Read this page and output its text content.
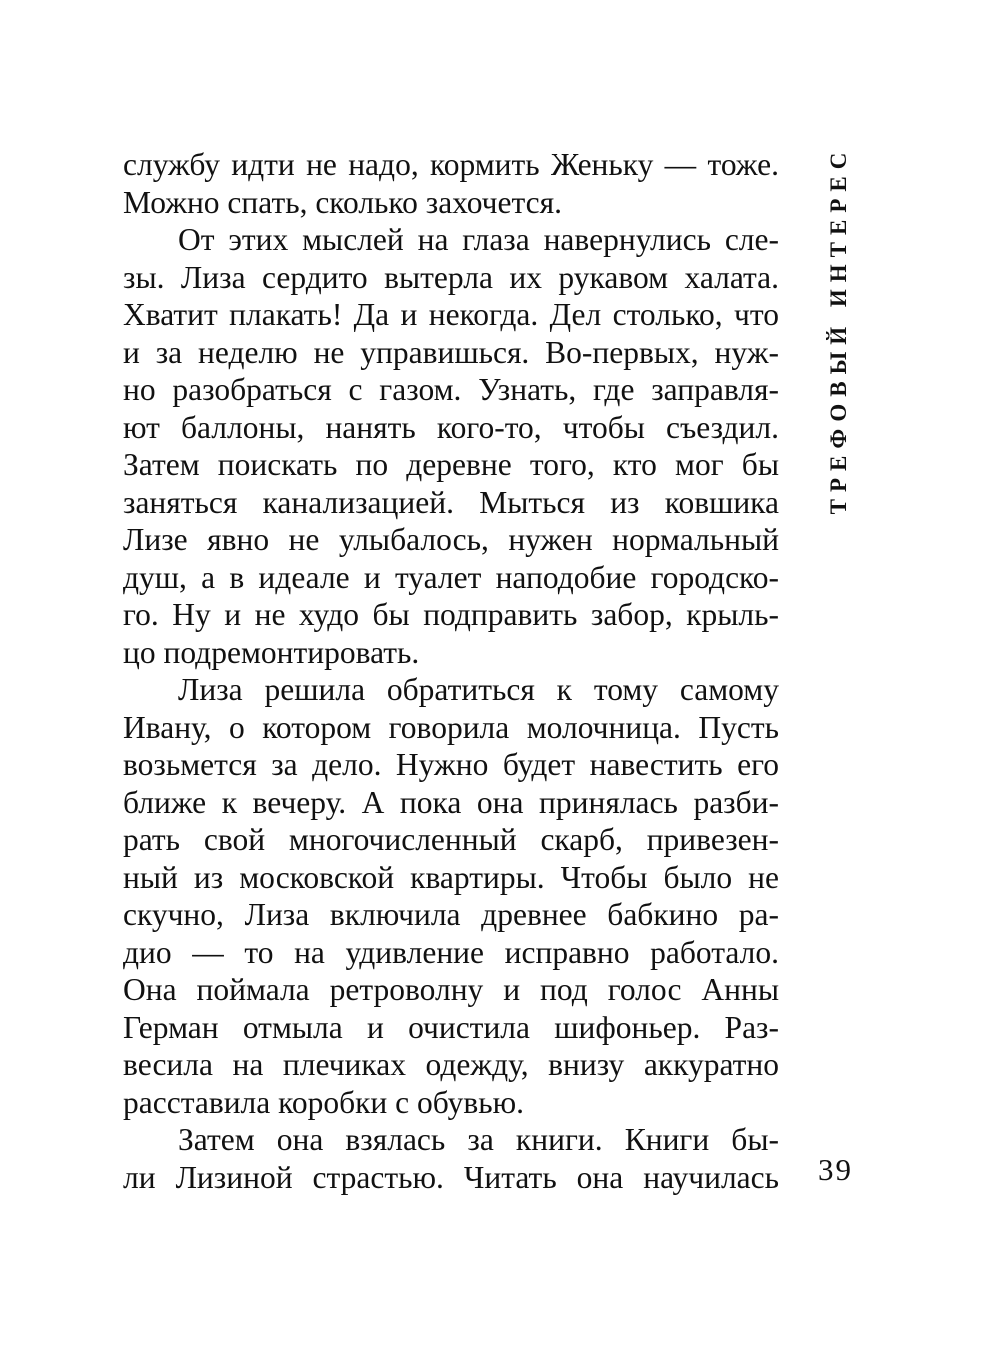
службу идти не надо, кормить Женьку — тоже.
Можно спать, сколько захочется.
От этих мыслей на глаза навернулись сле-
зы. Лиза сердито вытерла их рукавом халата.
Хватит плакать! Да и некогда. Дел столько, что
и за неделю не управишься. Во-первых, нуж-
но разобраться с газом. Узнать, где заправля-
ют баллоны, нанять кого-то, чтобы съездил.
Затем поискать по деревне того, кто мог бы
заняться канализацией. Мыться из ковшика
Лизе явно не улыбалось, нужен нормальный
душ, а в идеале и туалет наподобие городско-
го. Ну и не худо бы подправить забор, крыль-
цо подремонтировать.
Лиза решила обратиться к тому самому
Ивану, о котором говорила молочница. Пусть
возьмется за дело. Нужно будет навестить его
ближе к вечеру. А пока она принялась разби-
рать свой многочисленный скарб, привезен-
ный из московской квартиры. Чтобы было не
скучно, Лиза включила древнее бабкино ра-
дио — то на удивление исправно работало.
Она поймала ретроволну и под голос Анны
Герман отмыла и очистила шифоньер. Раз-
весила на плечиках одежду, внизу аккуратно
расставила коробки с обувью.
Затем она взялась за книги. Книги бы-
ли Лизиной страстью. Читать она научилась
ТРЕФОВЫЙ ИНТЕРЕС
39
